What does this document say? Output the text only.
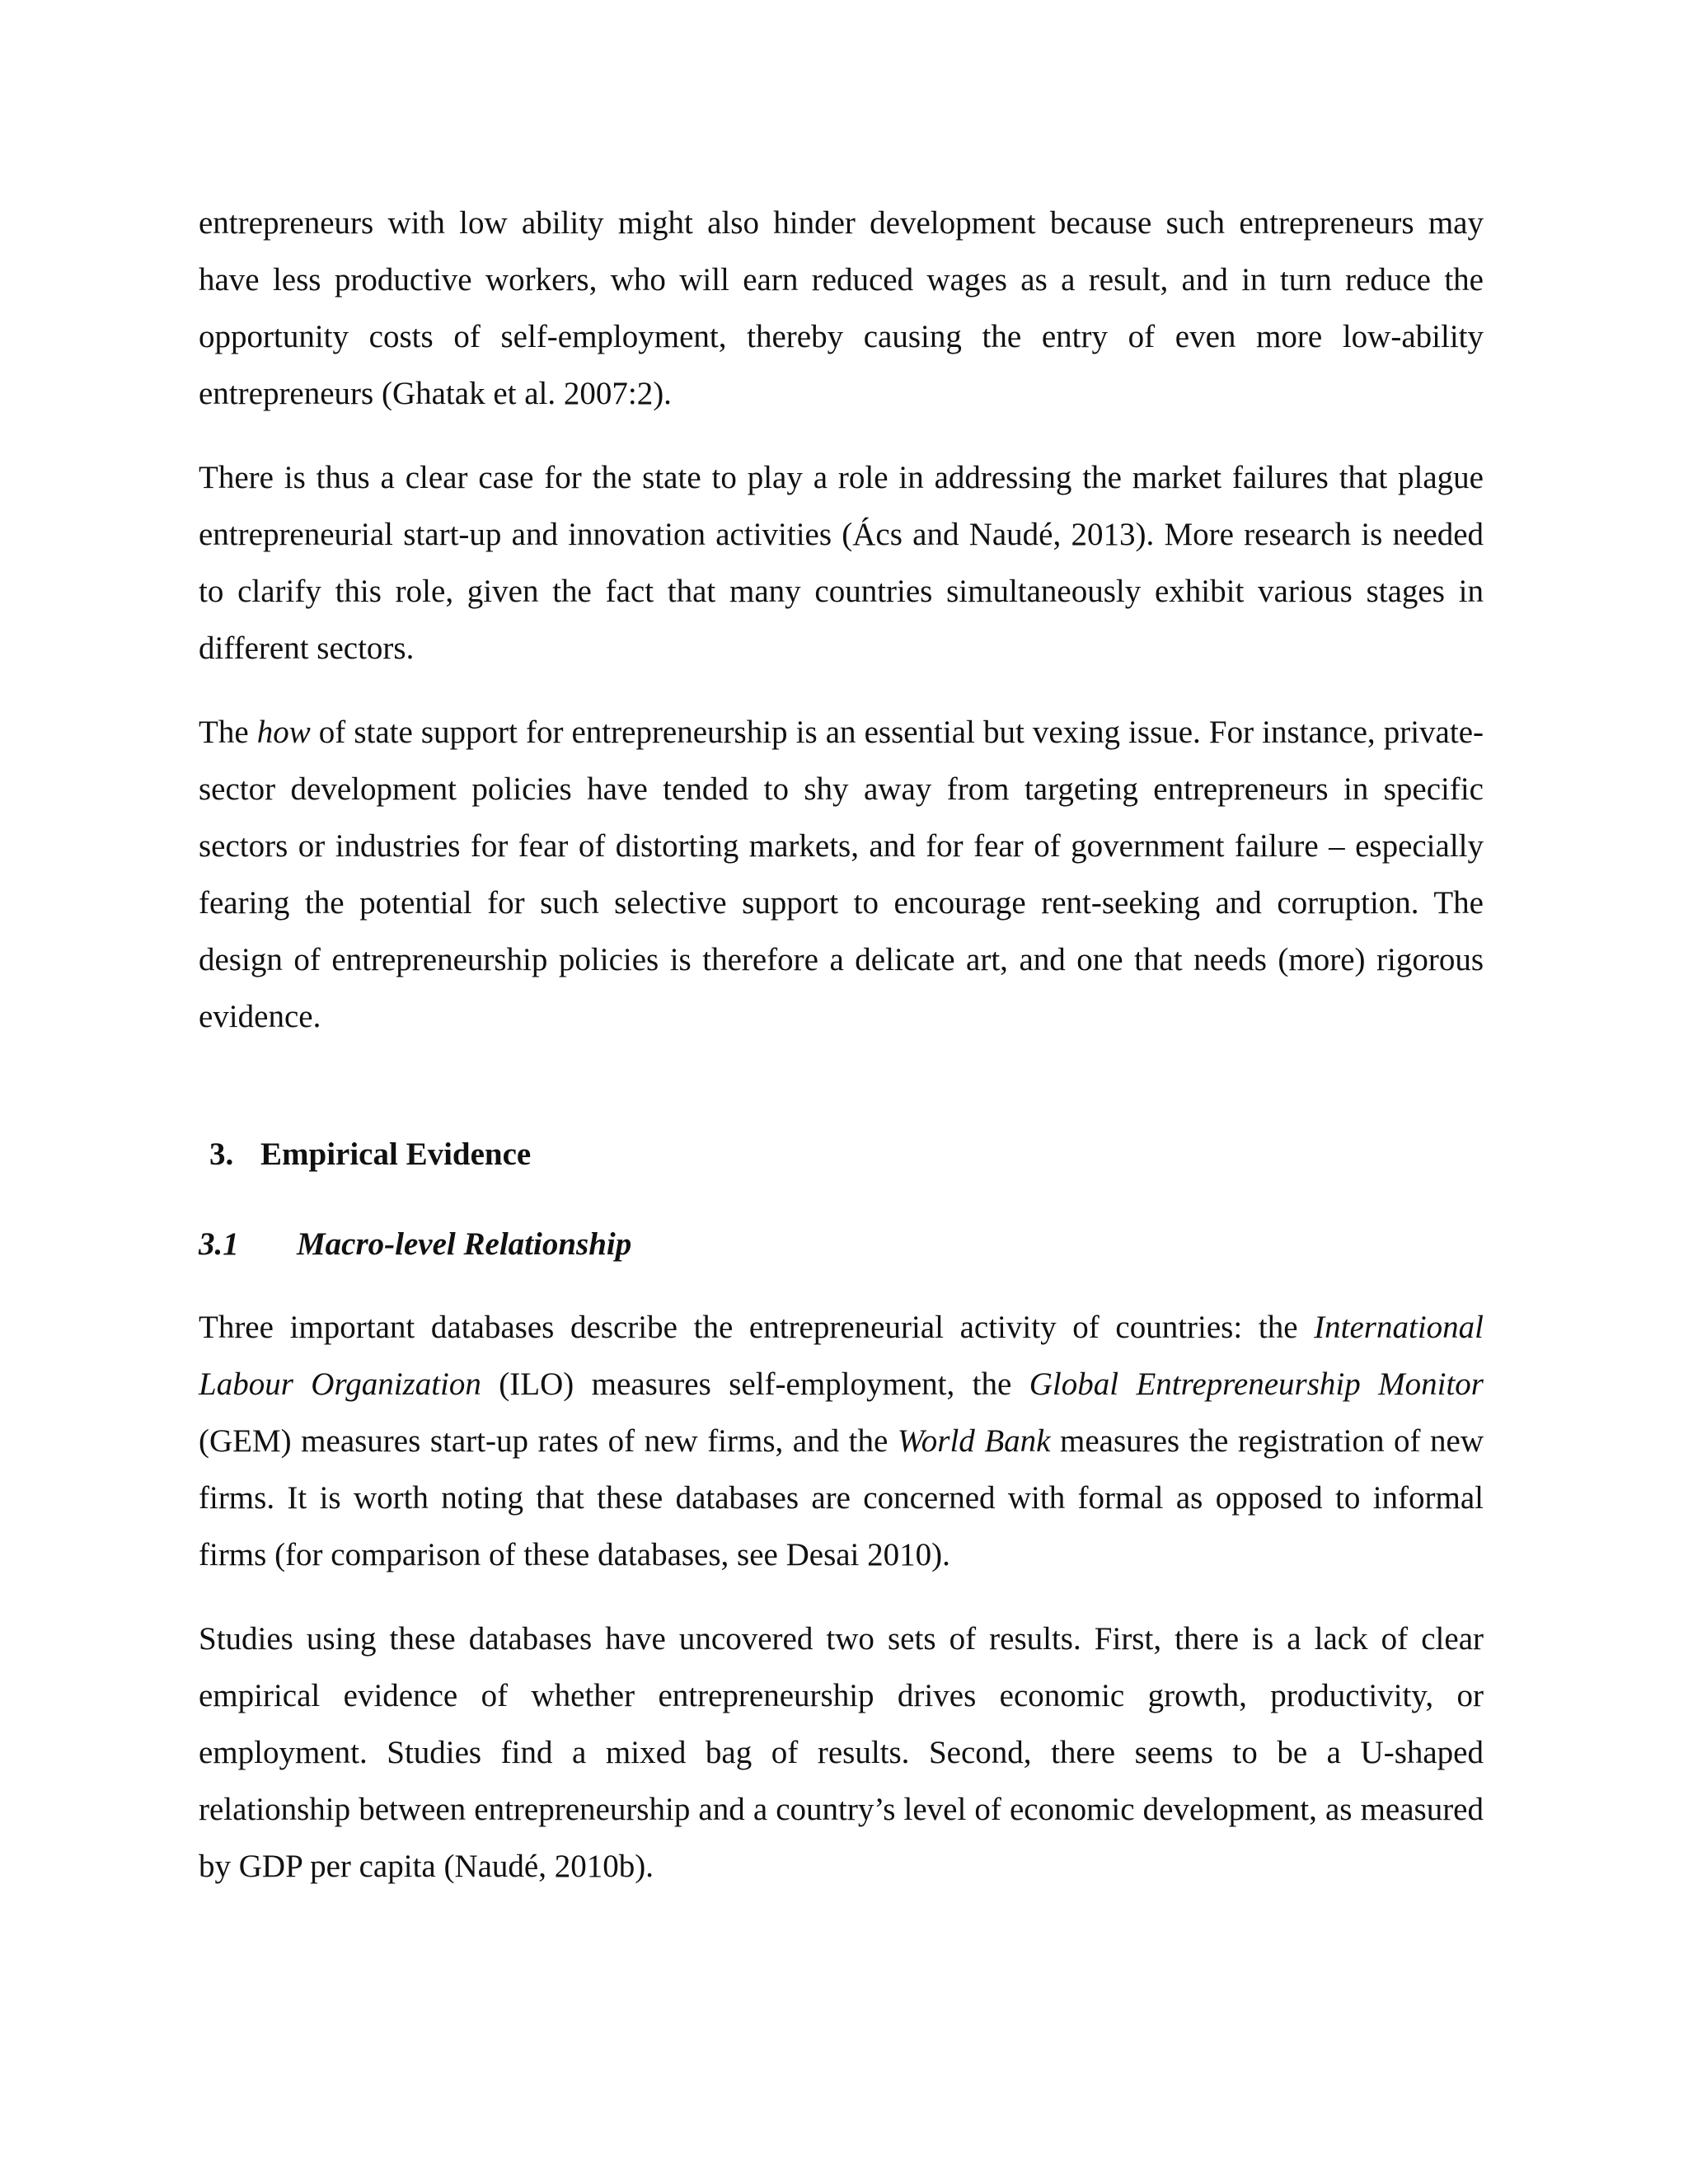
entrepreneurs with low ability might also hinder development because such entrepreneurs may have less productive workers, who will earn reduced wages as a result, and in turn reduce the opportunity costs of self-employment, thereby causing the entry of even more low-ability entrepreneurs (Ghatak et al. 2007:2).

There is thus a clear case for the state to play a role in addressing the market failures that plague entrepreneurial start-up and innovation activities (Ács and Naudé, 2013). More research is needed to clarify this role, given the fact that many countries simultaneously exhibit various stages in different sectors.

The how of state support for entrepreneurship is an essential but vexing issue. For instance, private-sector development policies have tended to shy away from targeting entrepreneurs in specific sectors or industries for fear of distorting markets, and for fear of government failure – especially fearing the potential for such selective support to encourage rent-seeking and corruption. The design of entrepreneurship policies is therefore a delicate art, and one that needs (more) rigorous evidence.

3. Empirical Evidence
3.1 Macro-level Relationship

Three important databases describe the entrepreneurial activity of countries: the International Labour Organization (ILO) measures self-employment, the Global Entrepreneurship Monitor (GEM) measures start-up rates of new firms, and the World Bank measures the registration of new firms. It is worth noting that these databases are concerned with formal as opposed to informal firms (for comparison of these databases, see Desai 2010).

Studies using these databases have uncovered two sets of results. First, there is a lack of clear empirical evidence of whether entrepreneurship drives economic growth, productivity, or employment. Studies find a mixed bag of results. Second, there seems to be a U-shaped relationship between entrepreneurship and a country’s level of economic development, as measured by GDP per capita (Naudé, 2010b).
